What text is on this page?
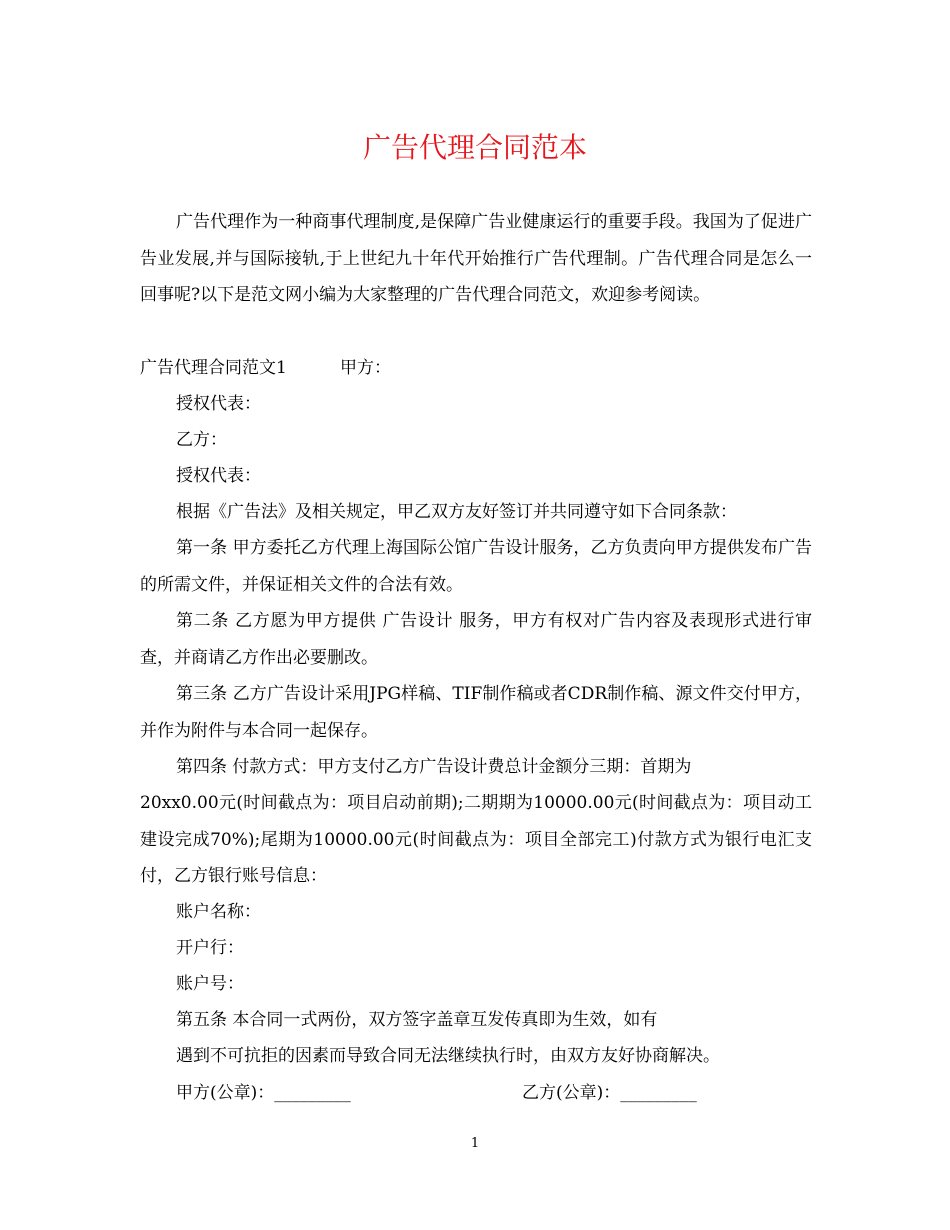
广告代理合同范本

广告代理作为一种商事代理制度,是保障广告业健康运行的重要手段。我国为了促进广告业发展,并与国际接轨,于上世纪九十年代开始推行广告代理制。广告代理合同是怎么一回事呢?以下是范文网小编为大家整理的广告代理合同范文，欢迎参考阅读。

广告代理合同范文1	甲方：

授权代表：

乙方：

授权代表：

根据《广告法》及相关规定，甲乙双方友好签订并共同遵守如下合同条款：

第一条 甲方委托乙方代理上海国际公馆广告设计服务，乙方负责向甲方提供发布广告的所需文件，并保证相关文件的合法有效。

第二条 乙方愿为甲方提供 广告设计 服务，甲方有权对广告内容及表现形式进行审查，并商请乙方作出必要删改。

第三条 乙方广告设计采用JPG样稿、TIF制作稿或者CDR制作稿、源文件交付甲方，并作为附件与本合同一起保存。

第四条 付款方式：甲方支付乙方广告设计费总计金额分三期：首期为

20xx0.00元(时间截点为：项目启动前期);二期期为10000.00元(时间截点为：项目动工建设完成70%);尾期为10000.00元(时间截点为：项目全部完工)付款方式为银行电汇支付，乙方银行账号信息：

账户名称：

开户行：

账户号：

第五条 本合同一式两份，双方签字盖章互发传真即为生效，如有

遇到不可抗拒的因素而导致合同无法继续执行时，由双方友好协商解决。

甲方(公章)：_________	乙方(公章)：_________

1
